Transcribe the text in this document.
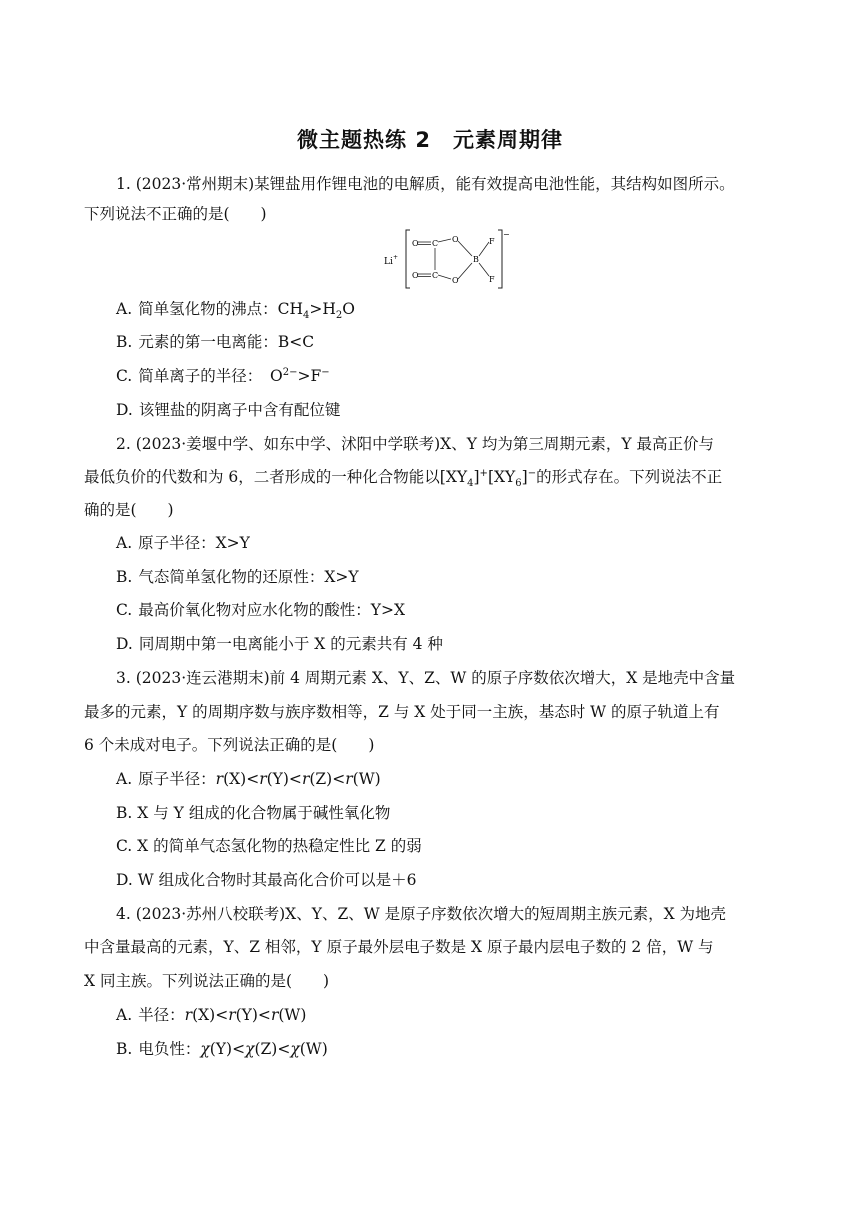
微主题热练 2　元素周期律
1. (2023·常州期末)某锂盐用作锂电池的电解质，能有效提高电池性能，其结构如图所示。
下列说法不正确的是(　　)
Li +
−
O C O
B
F
F
O C
O
A. 简单氢化物的沸点：$CH_4>H_2O$
B. 元素的第一电离能：B<C
C. 简单离子的半径：　$O^{2-}>F^-$
D. 该锂盐的阴离子中含有配位键
2. (2023·姜堰中学、如东中学、沭阳中学联考)X、Y 均为第三周期元素，Y 最高正价与
最低负价的代数和为 6，二者形成的一种化合物能以$[XY_4]^+[XY_6]^-$的形式存在。下列说法不正
确的是(　　)
A. 原子半径：X>Y
B. 气态简单氢化物的还原性：X>Y
C. 最高价氧化物对应水化物的酸性：Y>X
D. 同周期中第一电离能小于 X 的元素共有 4 种
3. (2023·连云港期末)前 4 周期元素 X、Y、Z、W 的原子序数依次增大，X 是地壳中含量
最多的元素，Y 的周期序数与族序数相等，Z 与 X 处于同一主族，基态时 W 的原子轨道上有
6 个未成对电子。下列说法正确的是(　　)
A. 原子半径：r(X)<r(Y)<r(Z)<r(W)
B. X 与 Y 组成的化合物属于碱性氧化物
C. X 的简单气态氢化物的热稳定性比 Z 的弱
D. W 组成化合物时其最高化合价可以是＋6
4. (2023·苏州八校联考)X、Y、Z、W 是原子序数依次增大的短周期主族元素，X 为地壳
中含量最高的元素，Y、Z 相邻，Y 原子最外层电子数是 X 原子最内层电子数的 2 倍，W 与
X 同主族。下列说法正确的是(　　)
A. 半径：r(X)<r(Y)<r(W)
B. 电负性：χ(Y)<χ(Z)<χ(W)
